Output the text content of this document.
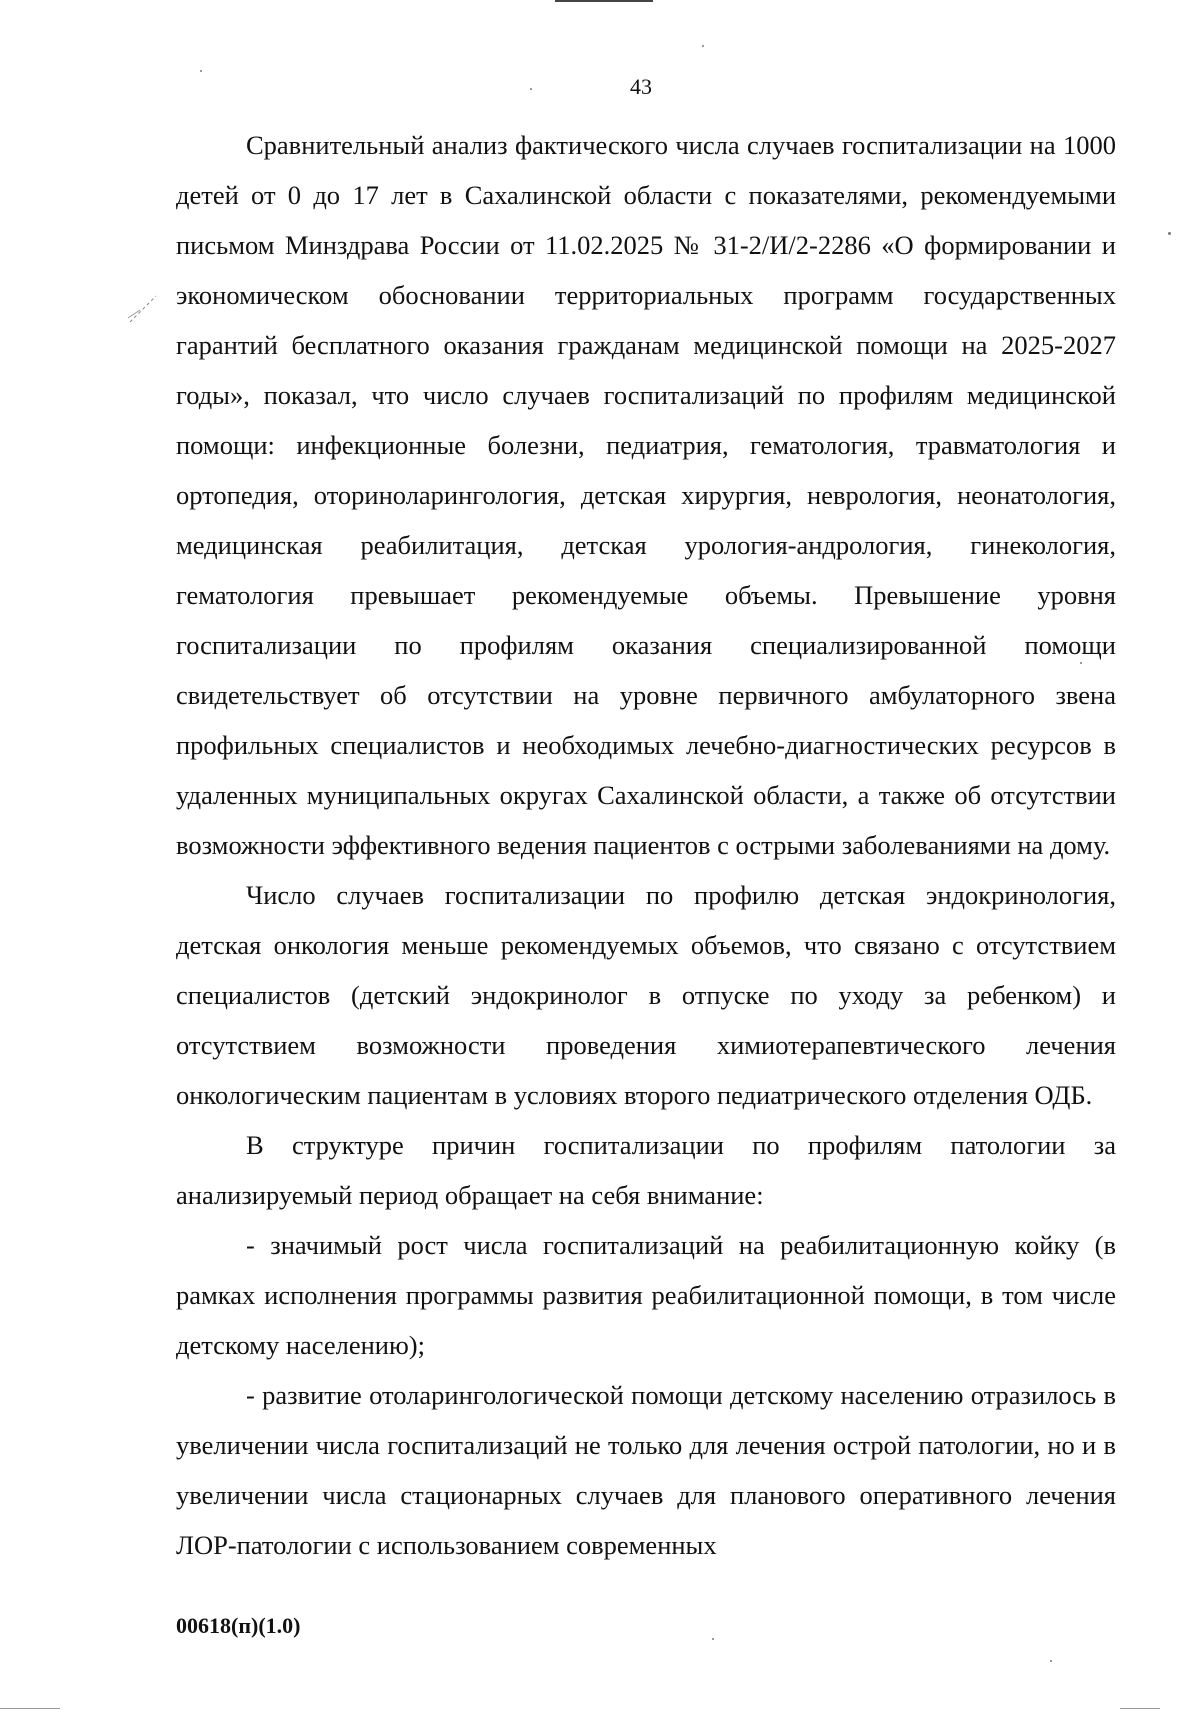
43

Сравнительный анализ фактического числа случаев госпитализации на 1000 детей от 0 до 17 лет в Сахалинской области с показателями, рекомендуемыми письмом Минздрава России от 11.02.2025 № 31-2/И/2-2286 «О формировании и экономическом обосновании территориальных программ государственных гарантий бесплатного оказания гражданам медицинской помощи на 2025-2027 годы», показал, что число случаев госпитализаций по профилям медицинской помощи: инфекционные болезни, педиатрия, гематология, травматология и ортопедия, оториноларингология, детская хирургия, неврология, неонатология, медицинская реабилитация, детская урология-андрология, гинекология, гематология превышает рекомендуемые объемы. Превышение уровня госпитализации по профилям оказания специализированной помощи свидетельствует об отсутствии на уровне первичного амбулаторного звена профильных специалистов и необходимых лечебно-диагностических ресурсов в удаленных муниципальных округах Сахалинской области, а также об отсутствии возможности эффективного ведения пациентов с острыми заболеваниями на дому.

Число случаев госпитализации по профилю детская эндокринология, детская онкология меньше рекомендуемых объемов, что связано с отсутствием специалистов (детский эндокринолог в отпуске по уходу за ребенком) и отсутствием возможности проведения химиотерапевтического лечения онкологическим пациентам в условиях второго педиатрического отделения ОДБ.

В структуре причин госпитализации по профилям патологии за анализируемый период обращает на себя внимание:

- значимый рост числа госпитализаций на реабилитационную койку (в рамках исполнения программы развития реабилитационной помощи, в том числе детскому населению);

- развитие отоларингологической помощи детскому населению отразилось в увеличении числа госпитализаций не только для лечения острой патологии, но и в увеличении числа стационарных случаев для планового оперативного лечения ЛОР-патологии с использованием современных

00618(п)(1.0)
